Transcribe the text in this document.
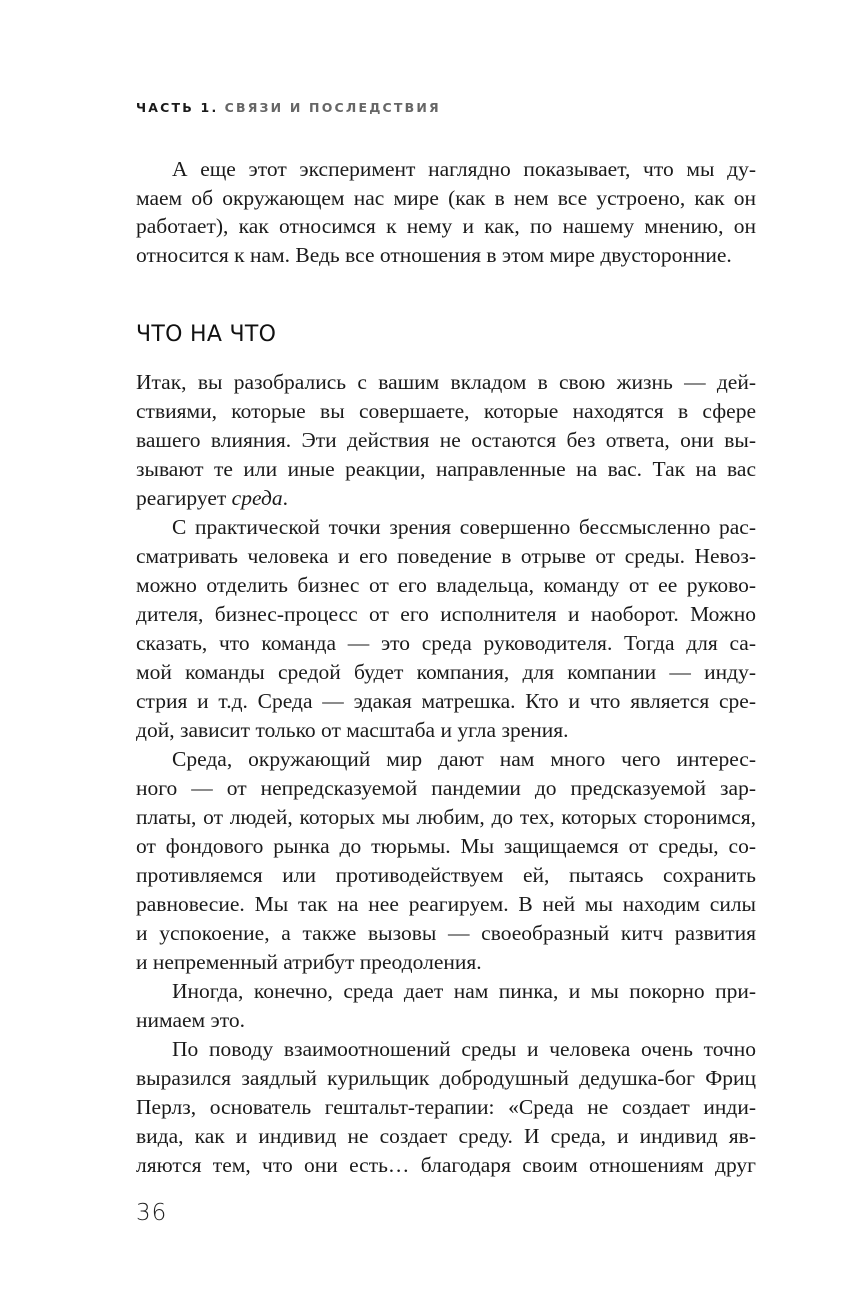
ЧАСТЬ 1. СВЯЗИ И ПОСЛЕДСТВИЯ
А еще этот эксперимент наглядно показывает, что мы ду-
маем об окружающем нас мире (как в нем все устроено, как он
работает), как относимся к нему и как, по нашему мнению, он
относится к нам. Ведь все отношения в этом мире двусторонние.
ЧТО НА ЧТО
Итак, вы разобрались с вашим вкладом в свою жизнь — дей-
ствиями, которые вы совершаете, которые находятся в сфере
вашего влияния. Эти действия не остаются без ответа, они вы-
зывают те или иные реакции, направленные на вас. Так на вас
реагирует среда.
С практической точки зрения совершенно бессмысленно рас-
сматривать человека и его поведение в отрыве от среды. Невоз-
можно отделить бизнес от его владельца, команду от ее руково-
дителя, бизнес-процесс от его исполнителя и наоборот. Можно
сказать, что команда — это среда руководителя. Тогда для са-
мой команды средой будет компания, для компании — инду-
стрия и т.д. Среда — эдакая матрешка. Кто и что является сре-
дой, зависит только от масштаба и угла зрения.
Среда, окружающий мир дают нам много чего интерес-
ного — от непредсказуемой пандемии до предсказуемой зар-
платы, от людей, которых мы любим, до тех, которых сторонимся,
от фондового рынка до тюрьмы. Мы защищаемся от среды, со-
противляемся или противодействуем ей, пытаясь сохранить
равновесие. Мы так на нее реагируем. В ней мы находим силы
и успокоение, а также вызовы — своеобразный китч развития
и непременный атрибут преодоления.
Иногда, конечно, среда дает нам пинка, и мы покорно при-
нимаем это.
По поводу взаимоотношений среды и человека очень точно
выразился заядлый курильщик добродушный дедушка-бог Фриц
Перлз, основатель гештальт-терапии: «Среда не создает инди-
вида, как и индивид не создает среду. И среда, и индивид яв-
ляются тем, что они есть… благодаря своим отношениям друг
36
